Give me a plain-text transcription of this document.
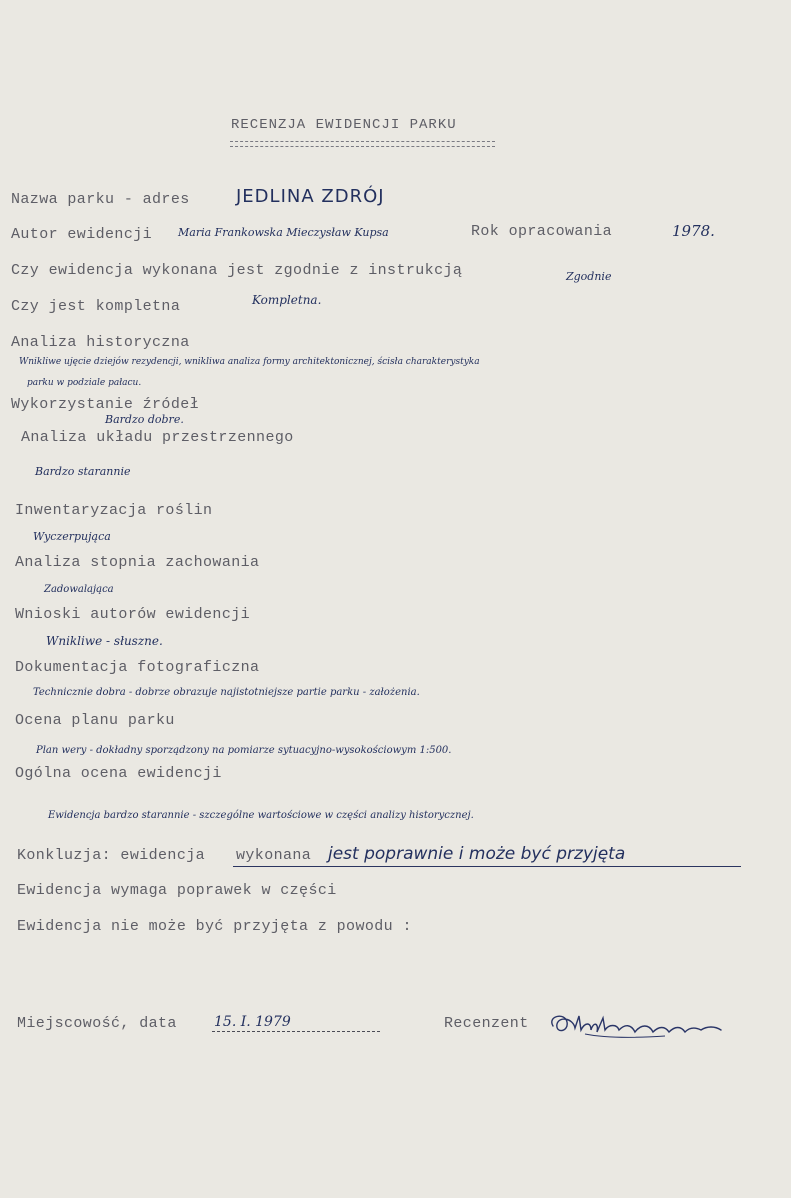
RECENZJA EWIDENCJI PARKU
Nazwa parku - adres	JEDLINA ZDRÓJ
Autor ewidencji Maria Frankowska Mieczysław Kupsa	Rok opracowania	1978.
Czy ewidencja wykonana jest zgodnie z instrukcją	Zgodnie
Czy jest kompletna	Kompletna.
Analiza historyczna
Wnikliwe ujęcie dziejów rezydencji, wnikliwa analiza formy architektonicznej, ścisła charakterystyka
parku w podziale pałacu.
Wykorzystanie źródeł
Bardzo dobre.
Analiza układu przestrzennego
Bardzo starannie
Inwentaryzacja roślin
Wyczerpująca
Analiza stopnia zachowania
Zadowalająca
Wnioski autorów ewidencji
Wnikliwe - słuszne.
Dokumentacja fotograficzna
Technicznie dobra - dobrze obrazuje najistotniejsze partie parku - założenia.
Ocena planu parku
Plan wery - dokładny sporządzony na pomiarze sytuacyjno-wysokościowym 1:500.
Ogólna ocena ewidencji
Ewidencja bardzo starannie - szczególne wartościowe w części analizy historycznej.
Konkluzja: ewidencja wykonana jest poprawnie i może być przyjęta
Ewidencja wymaga poprawek w części
Ewidencja nie może być przyjęta z powodu :
Miejscowość, data	15. I. 1979	Recenzent
